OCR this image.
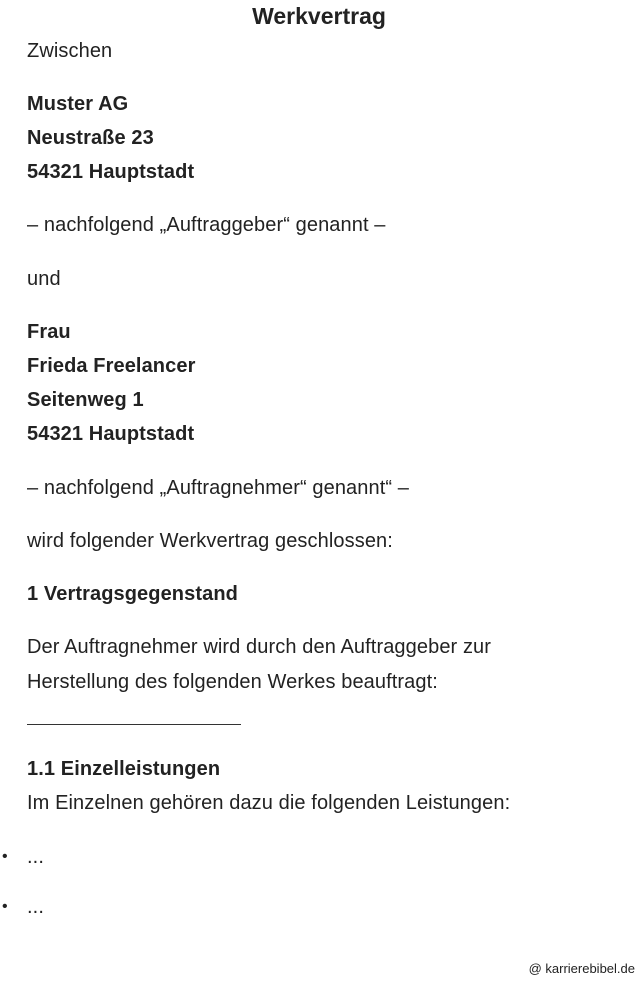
Werkvertrag
Zwischen
Muster AG
Neustraße 23
54321 Hauptstadt
– nachfolgend „Auftraggeber“ genannt –
und
Frau
Frieda Freelancer
Seitenweg 1
54321 Hauptstadt
– nachfolgend „Auftragnehmer“ genannt“ –
wird folgender Werkvertrag geschlossen:
1 Vertragsgegenstand
Der Auftragnehmer wird durch den Auftraggeber zur
Herstellung des folgenden Werkes beauftragt:
1.1 Einzelleistungen
Im Einzelnen gehören dazu die folgenden Leistungen:
• ...
• ...
@ karrierebibel.de
